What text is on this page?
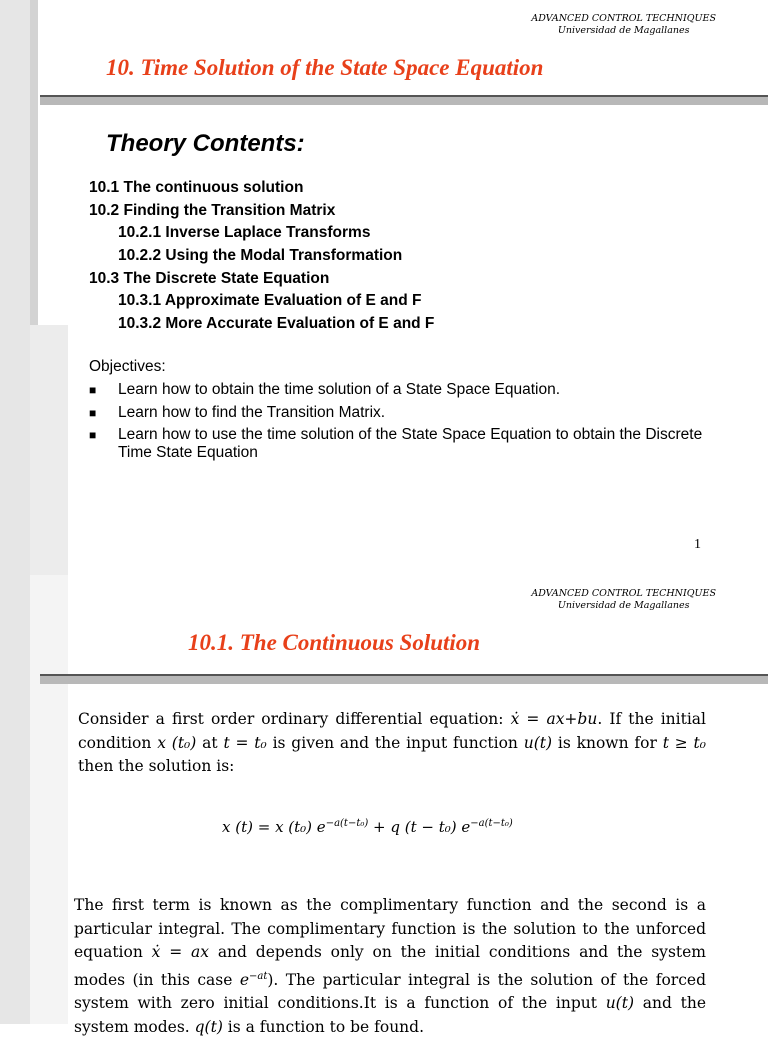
ADVANCED CONTROL TECHNIQUES
Universidad de Magallanes
10. Time Solution of the State Space Equation
Theory Contents:
10.1 The continuous solution
10.2 Finding the Transition Matrix
10.2.1 Inverse Laplace Transforms
10.2.2 Using the Modal Transformation
10.3 The Discrete State Equation
10.3.1 Approximate Evaluation of E and F
10.3.2 More Accurate Evaluation of E and F
Objectives:
■	Learn how to obtain the time solution of a State Space Equation.
■	Learn how to find the Transition Matrix.
■	Learn how to use the time solution of the State Space Equation to obtain the Discrete Time State Equation
1
ADVANCED CONTROL TECHNIQUES
Universidad de Magallanes
10.1. The Continuous Solution
Consider a first order ordinary differential equation: ẋ = ax+bu. If the initial condition x (t₀) at t = t₀ is given and the input function u(t) is known for t ≥ t₀ then the solution is:
x (t) = x (t₀) $e^{-a(t-t_0)} + q$ (t − t₀) $e^{-a(t-t_0)}$
The first term is known as the complimentary function and the second is a particular integral. The complimentary function is the solution to the unforced equation ẋ = ax and depends only on the initial conditions and the system modes (in this case $e^{-at}$). The particular integral is the solution of the forced system with zero initial conditions.It is a function of the input u(t) and the system modes. q(t) is a function to be found.
